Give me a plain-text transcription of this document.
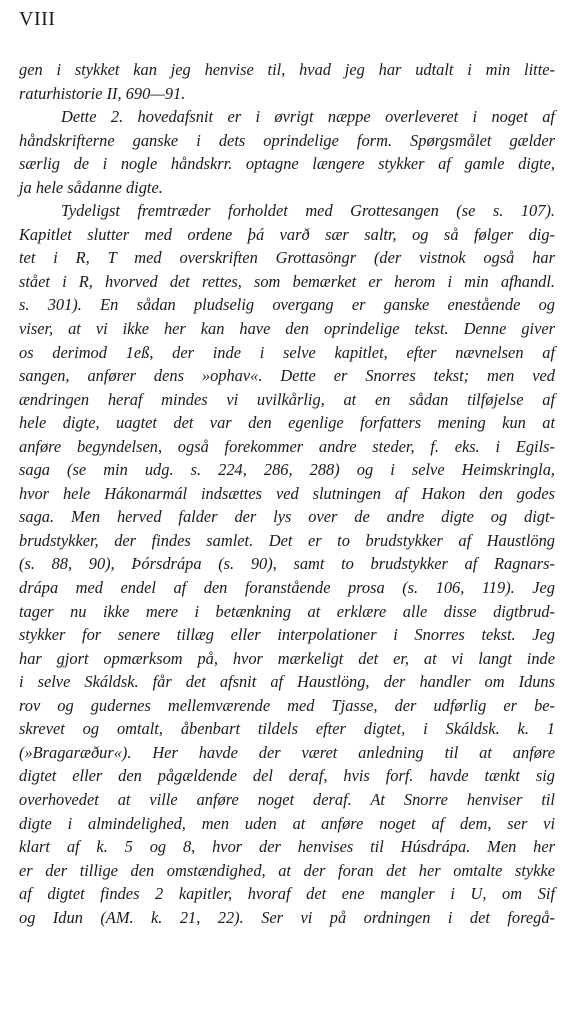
VIII
gen i stykket kan jeg henvise til, hvad jeg har udtalt i min litte-
raturhistorie II, 690—91.
Dette 2. hovedafsnit er i øvrigt næppe overleveret i noget af
håndskrifterne ganske i dets oprindelige form. Spørgsmålet gælder
særlig de i nogle håndskrr. optagne længere stykker af gamle digte,
ja hele sådanne digte.
Tydeligst fremtræder forholdet med Grottesangen (se s. 107).
Kapitlet slutter med ordene þá varð sær saltr, og så følger dig-
tet i R, T med overskriften Grottasöngr (der vistnok også har
stået i R, hvorved det rettes, som bemærket er herom i min afhandl.
s. 301). En sådan pludselig overgang er ganske enestående og
viser, at vi ikke her kan have den oprindelige tekst. Denne giver
os derimod 1eß, der inde i selve kapitlet, efter nævnelsen af
sangen, anfører dens »ophav«. Dette er Snorres tekst; men ved
ændringen heraf mindes vi uvilkårlig, at en sådan tilføjelse af
hele digte, uagtet det var den egenlige forfatters mening kun at
anføre begyndelsen, også forekommer andre steder, f. eks. i Egils-
saga (se min udg. s. 224, 286, 288) og i selve Heimskringla,
hvor hele Hákonarmál indsættes ved slutningen af Hakon den godes
saga. Men herved falder der lys over de andre digte og digt-
brudstykker, der findes samlet. Det er to brudstykker af Haustlöng
(s. 88, 90), Þórsdrápa (s. 90), samt to brudstykker af Ragnars-
drápa med endel af den foranstående prosa (s. 106, 119). Jeg
tager nu ikke mere i betænkning at erklære alle disse digtbrud-
stykker for senere tillæg eller interpolationer i Snorres tekst. Jeg
har gjort opmærksom på, hvor mærkeligt det er, at vi langt inde
i selve Skáldsk. får det afsnit af Haustlöng, der handler om Iduns
rov og gudernes mellemværende med Tjasse, der udførlig er be-
skrevet og omtalt, åbenbart tildels efter digtet, i Skáldsk. k. 1
(»Bragaræður«). Her havde der været anledning til at anføre
digtet eller den pågældende del deraf, hvis forf. havde tænkt sig
overhovedet at ville anføre noget deraf. At Snorre henviser til
digte i almindelighed, men uden at anføre noget af dem, ser vi
klart af k. 5 og 8, hvor der henvises til Húsdrápa. Men her
er der tillige den omstændighed, at der foran det her omtalte stykke
af digtet findes 2 kapitler, hvoraf det ene mangler i U, om Sif
og Idun (AM. k. 21, 22). Ser vi på ordningen i det foregå-
